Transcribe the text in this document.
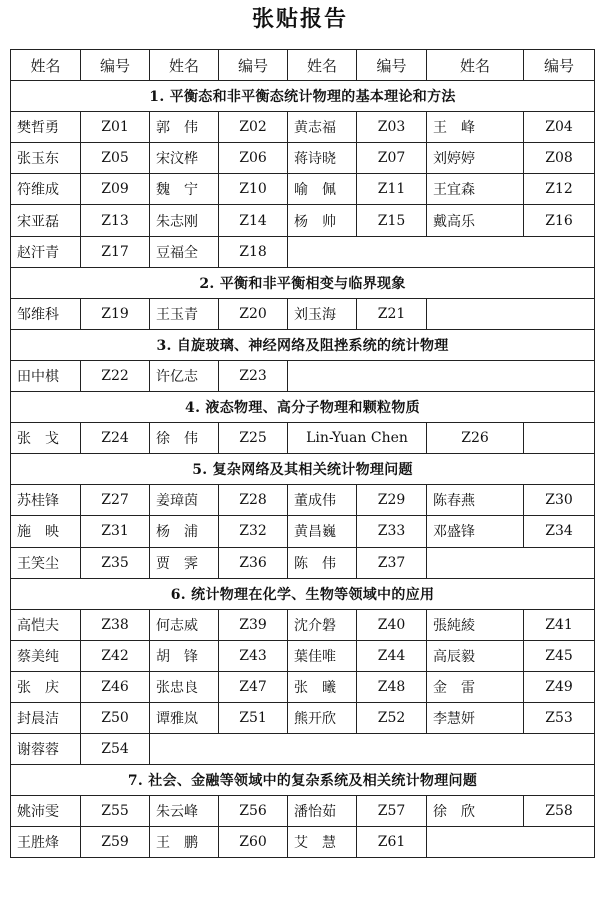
张贴报告
姓名	编号	姓名	编号	姓名	编号	姓名	编号
1. 平衡态和非平衡态统计物理的基本理论和方法							
樊哲勇	Z01	郭　伟	Z02	黄志福	Z03	王　峰	Z04
张玉东	Z05	宋汶桦	Z06	蒋诗晓	Z07	刘婷婷	Z08
符维成	Z09	魏　宁	Z10	喻　佩	Z11	王宜森	Z12
宋亚磊	Z13	朱志刚	Z14	杨　帅	Z15	戴高乐	Z16
赵汗青	Z17	豆福全	Z18				
2. 平衡和非平衡相变与临界现象							
邹维科	Z19	王玉青	Z20	刘玉海	Z21		
3. 自旋玻璃、神经网络及阻挫系统的统计物理							
田中棋	Z22	许亿志	Z23				
4. 液态物理、高分子物理和颗粒物质							
张　戈	Z24	徐　伟	Z25	Lin-Yuan Chen		Z26	
5. 复杂网络及其相关统计物理问题							
苏桂锋	Z27	姜璋茵	Z28	董成伟	Z29	陈春燕	Z30
施　映	Z31	杨　浦	Z32	黄昌巍	Z33	邓盛锋	Z34
王笑尘	Z35	贾　霁	Z36	陈　伟	Z37		
6. 统计物理在化学、生物等领域中的应用							
高恺夫	Z38	何志威	Z39	沈介磐	Z40	張純綾	Z41
蔡美纯	Z42	胡　锋	Z43	葉佳唯	Z44	高辰毅	Z45
张　庆	Z46	张忠良	Z47	张　曦	Z48	金　雷	Z49
封晨洁	Z50	谭雅岚	Z51	熊开欣	Z52	李慧妍	Z53
谢蓉蓉	Z54						
7. 社会、金融等领域中的复杂系统及相关统计物理问题							
姚沛雯	Z55	朱云峰	Z56	潘怡茹	Z57	徐　欣	Z58
王胜烽	Z59	王　鹏	Z60	艾　慧	Z61		
